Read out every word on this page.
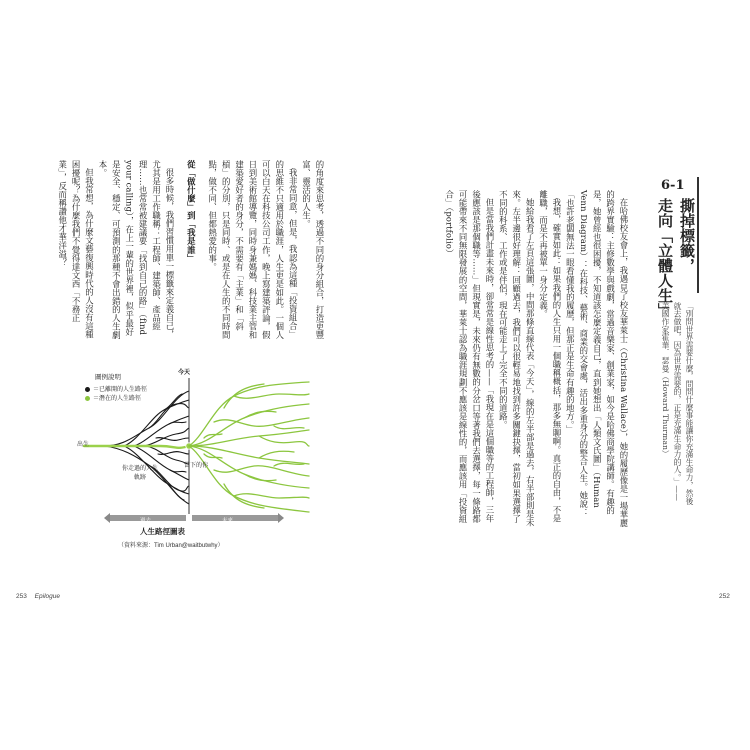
6-1
撕掉標籤，
走向「立體人生」
「別問世界需要什麼，問問什麼事能讓你充滿生命力，然後就去做吧，因為世界需要的，正是充滿生命力的人。」——
美國作家霍華．瑟曼（Howard Thurman）

在哈佛校友會上，我遇見了校友華萊士（Christina Wallace），她的履歷像是一場華麗的跨界實驗：主修數學與戲劇，當過音樂家、創業家，如今是哈佛商學院講師。有趣的是，她曾經也很困擾，不知道該怎麼定義自己，直到她想出「人類文氏圖」（Human Venn Diagram）：在科技、藝術、商業的交會處，活出多重身分的整合人生。她說：「也許老闆無法一眼看懂我的履歷，但那正是生命有趣的地方。」

我想，確實如此：如果我們的人生只用一個職稱概括，那多無聊啊。真正的自由，不是離職，而是不再被單一身分定義。

她給我看了左頁這張圖，中間那條直線代表「今天」，線的左半部是過去，右半部則是未來。左半邊很好理解：回顧過去，我們可以很輕易地找到許多關鍵抉擇，當初如果選擇了不同的科系、工作或是伴侶，現在可能走上了完全不同的道路。

但是當我們計畫未來時，卻常常是線性思考的——「我現在是這個職等的工程師，三年後應該是那個職等……」但現實是，未來仍有無數的分岔口等著我們去選擇，每一條路都可能帶來不同無限發展的空間，華萊士認為職涯規劃不應該是線性的，而應該用「投資組合」（portfolio）

的角度來思考，透過不同的身分組合，打造更豐富、靈活的人生。

我非常同意，但是，我認為這種「投資組合」的思維不只適用於職涯，人生更是如此。一個人可以白天在科技公司工作，晚上寫建築評論，假日到美術館導覽，同時身兼媽媽、科技業主管和建築愛好者的身分，不需要有「主業」和「斜槓」的分別，只是同時、或是在人生的不同時間點，做不同、但都熱愛的事。

從「做什麼」到「我是誰」

很多時候，我們習慣用單一標籤來定義自己，尤其是用工作職稱：工程師、建築師、產品經理……也常常被建議要「找到自己的路」（find your calling），在上一輩的世界裡，似乎最好是安全、穩定、可預測的那種不會出錯的人生劇本。

但我常想，為什麼文藝復興時代的人沒有這種困擾呢？為什麼我們不覺得達文西「不務正業」，反而稱讚他才華洋溢？

圖例說明
＝已離開的人生路徑
＝潛在的人生路徑
今天
出生
你走過的人生軌跡
當下的你
過去	未來
人生路徑圖表
（資料來源：Tim Urban@waitbutwhy）
253 Epilogue	252
